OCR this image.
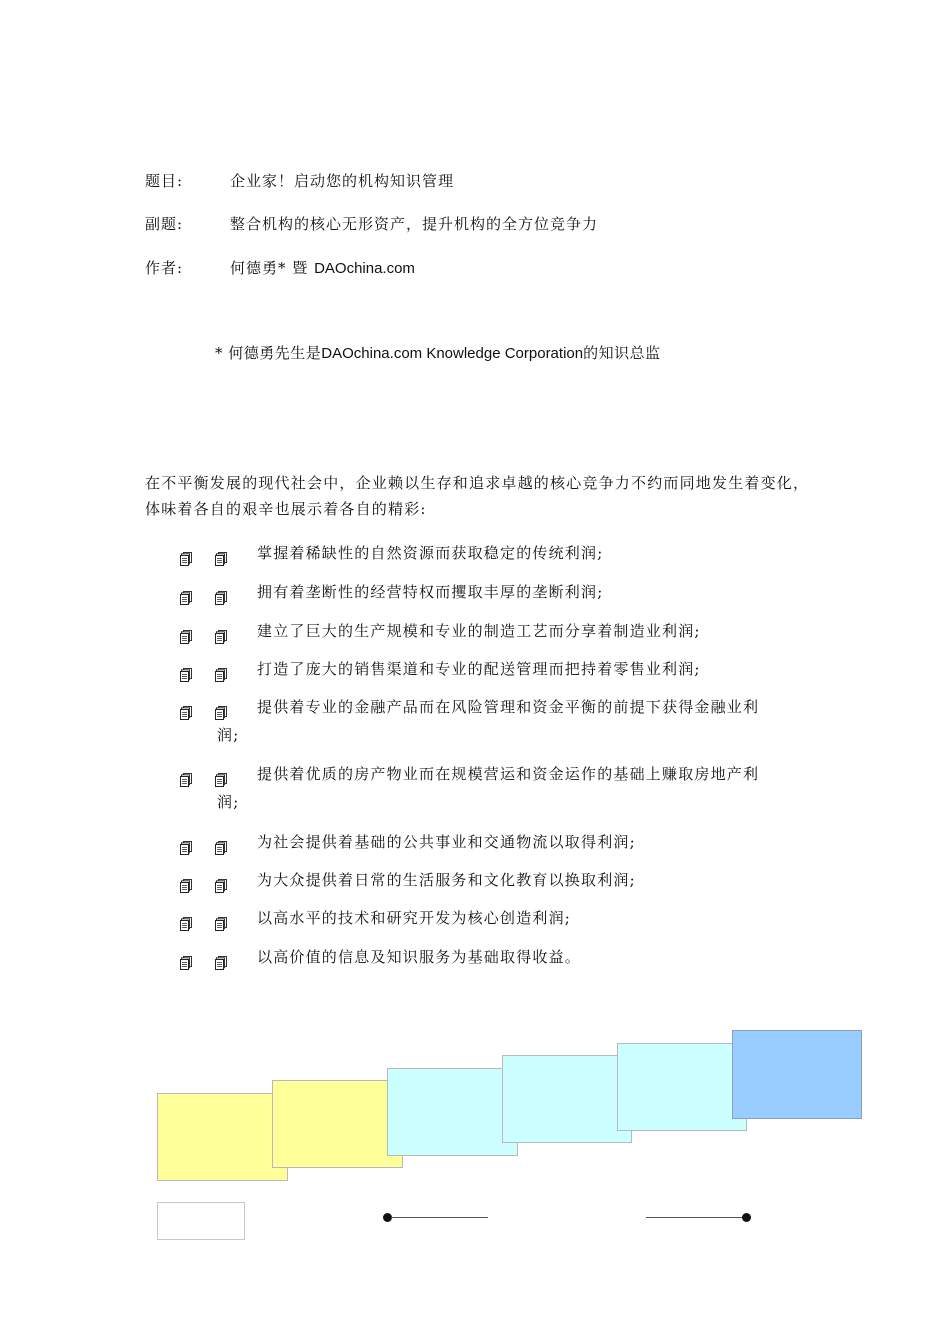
题目:	企业家！启动您的机构知识管理
副题:	整合机构的核心无形资产，提升机构的全方位竞争力
作者:	何德勇* 暨 DAOchina.com
* 何德勇先生是DAOchina.com Knowledge Corporation的知识总监
在不平衡发展的现代社会中，企业赖以生存和追求卓越的核心竞争力不约而同地发生着变化，体味着各自的艰辛也展示着各自的精彩:
掌握着稀缺性的自然资源而获取稳定的传统利润;
拥有着垄断性的经营特权而攫取丰厚的垄断利润;
建立了巨大的生产规模和专业的制造工艺而分享着制造业利润;
打造了庞大的销售渠道和专业的配送管理而把持着零售业利润;
提供着专业的金融产品而在风险管理和资金平衡的前提下获得金融业利
润;
提供着优质的房产物业而在规模营运和资金运作的基础上赚取房地产利
润;
为社会提供着基础的公共事业和交通物流以取得利润;
为大众提供着日常的生活服务和文化教育以换取利润;
以高水平的技术和研究开发为核心创造利润;
以高价值的信息及知识服务为基础取得收益。
